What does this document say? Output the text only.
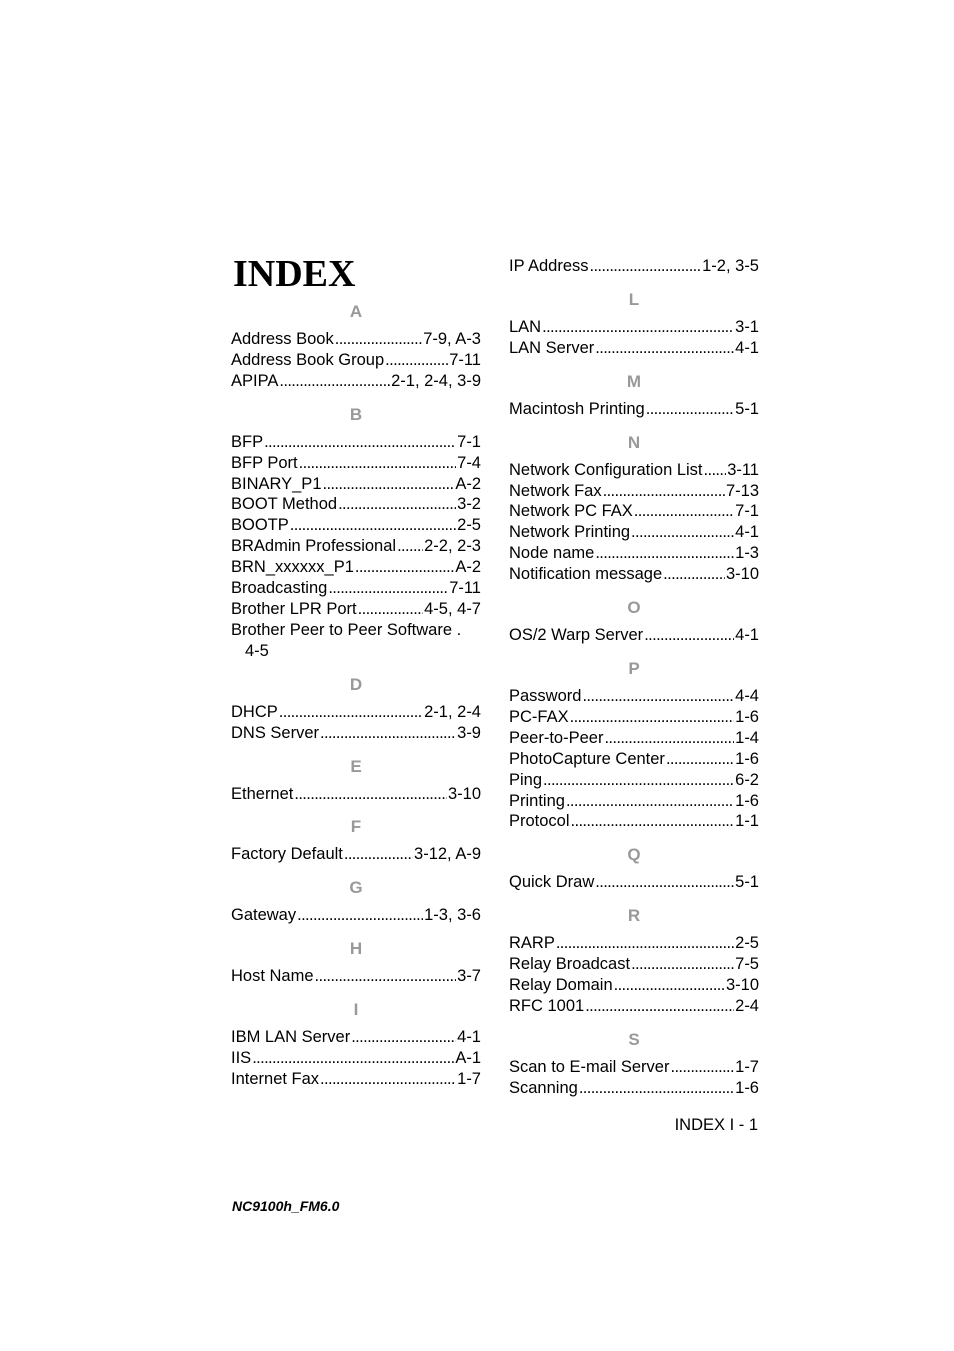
INDEX
A
Address Book . . .	7-9, A-3
Address Book Group . . .	7-11
APIPA . . .	2-1, 2-4, 3-9
B
BFP . . .	7-1
BFP Port . . .	7-4
BINARY_P1 . . .	A-2
BOOT Method . . .	3-2
BOOTP . . .	2-5
BRAdmin Professional . . . 2-2, 2-3
BRN_xxxxxx_P1 . . .	A-2
Broadcasting . . .	7-11
Brother LPR Port . . .	4-5, 4-7
Brother Peer to Peer Software .
4-5
D
DHCP . . .	2-1, 2-4
DNS Server . . .	3-9
E
Ethernet . . .	3-10
F
Factory Default . . .	3-12, A-9
G
Gateway . . .	1-3, 3-6
H
Host Name . . .	3-7
I
IBM LAN Server . . .	4-1
IIS . . .	A-1
Internet Fax . . .	1-7
IP Address . . .	1-2, 3-5
L
LAN . . .	3-1
LAN Server . . .	4-1
M
Macintosh Printing . . .	5-1
N
Network Configuration List . . . 3-11
Network Fax . . .	7-13
Network PC FAX . . .	7-1
Network Printing . . .	4-1
Node name . . .	1-3
Notification message . . .	3-10
O
OS/2 Warp Server . . .	4-1
P
Password . . .	4-4
PC-FAX . . .	1-6
Peer-to-Peer . . .	1-4
PhotoCapture Center . . .	1-6
Ping . . .	6-2
Printing . . .	1-6
Protocol . . .	1-1
Q
Quick Draw . . .	5-1
R
RARP . . .	2-5
Relay Broadcast . . .	7-5
Relay Domain . . .	3-10
RFC 1001 . . .	2-4
S
Scan to E-mail Server . . .	1-7
Scanning . . .	1-6
INDEX I - 1
NC9100h_FM6.0
